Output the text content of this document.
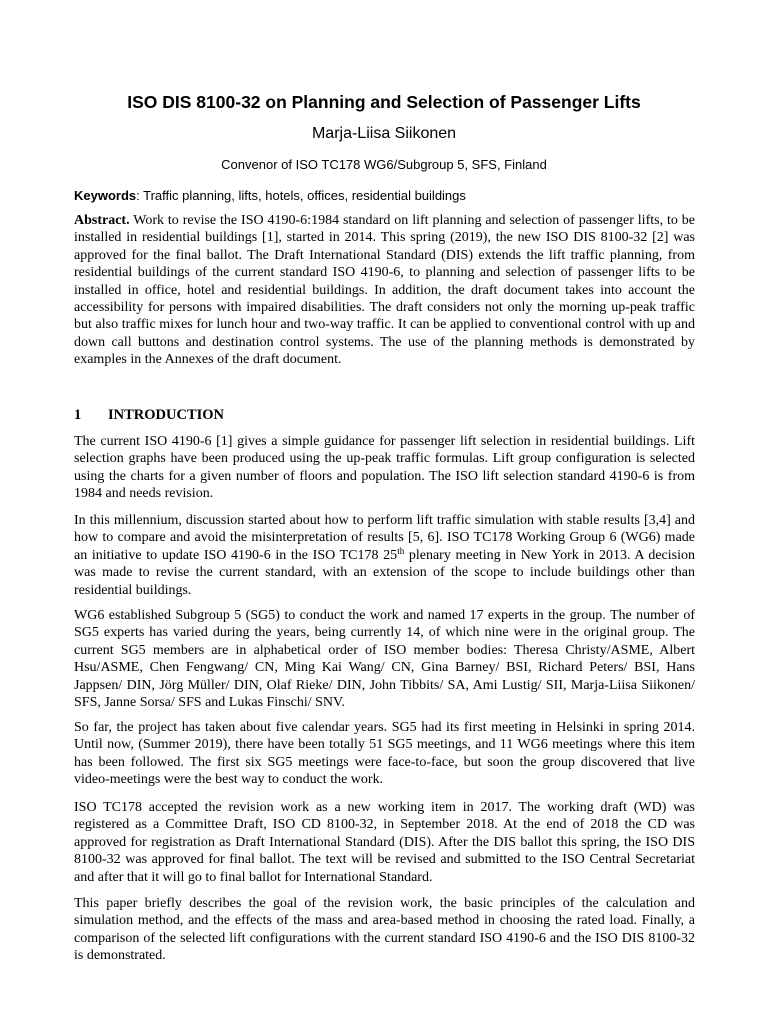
ISO DIS 8100-32 on Planning and Selection of Passenger Lifts
Marja-Liisa Siikonen
Convenor of ISO TC178 WG6/Subgroup 5, SFS, Finland
Keywords: Traffic planning, lifts, hotels, offices, residential buildings

Abstract. Work to revise the ISO 4190-6:1984 standard on lift planning and selection of passenger lifts, to be installed in residential buildings [1], started in 2014. This spring (2019), the new ISO DIS 8100-32 [2] was approved for the final ballot. The Draft International Standard (DIS) extends the lift traffic planning, from residential buildings of the current standard ISO 4190-6, to planning and selection of passenger lifts to be installed in office, hotel and residential buildings. In addition, the draft document takes into account the accessibility for persons with impaired disabilities. The draft considers not only the morning up-peak traffic but also traffic mixes for lunch hour and two-way traffic. It can be applied to conventional control with up and down call buttons and destination control systems. The use of the planning methods is demonstrated by examples in the Annexes of the draft document.

1 INTRODUCTION

The current ISO 4190-6 [1] gives a simple guidance for passenger lift selection in residential buildings. Lift selection graphs have been produced using the up-peak traffic formulas. Lift group configuration is selected using the charts for a given number of floors and population. The ISO lift selection standard 4190-6 is from 1984 and needs revision.

In this millennium, discussion started about how to perform lift traffic simulation with stable results [3,4] and how to compare and avoid the misinterpretation of results [5, 6]. ISO TC178 Working Group 6 (WG6) made an initiative to update ISO 4190-6 in the ISO TC178 25th plenary meeting in New York in 2013. A decision was made to revise the current standard, with an extension of the scope to include buildings other than residential buildings.

WG6 established Subgroup 5 (SG5) to conduct the work and named 17 experts in the group. The number of SG5 experts has varied during the years, being currently 14, of which nine were in the original group. The current SG5 members are in alphabetical order of ISO member bodies: Theresa Christy/ASME, Albert Hsu/ASME, Chen Fengwang/ CN, Ming Kai Wang/ CN, Gina Barney/ BSI, Richard Peters/ BSI, Hans Jappsen/ DIN, Jörg Müller/ DIN, Olaf Rieke/ DIN, John Tibbits/ SA, Ami Lustig/ SII, Marja-Liisa Siikonen/ SFS, Janne Sorsa/ SFS and Lukas Finschi/ SNV.

So far, the project has taken about five calendar years. SG5 had its first meeting in Helsinki in spring 2014. Until now, (Summer 2019), there have been totally 51 SG5 meetings, and 11 WG6 meetings where this item has been followed. The first six SG5 meetings were face-to-face, but soon the group discovered that live video-meetings were the best way to conduct the work.

ISO TC178 accepted the revision work as a new working item in 2017. The working draft (WD) was registered as a Committee Draft, ISO CD 8100-32, in September 2018. At the end of 2018 the CD was approved for registration as Draft International Standard (DIS). After the DIS ballot this spring, the ISO DIS 8100-32 was approved for final ballot. The text will be revised and submitted to the ISO Central Secretariat and after that it will go to final ballot for International Standard.

This paper briefly describes the goal of the revision work, the basic principles of the calculation and simulation method, and the effects of the mass and area-based method in choosing the rated load. Finally, a comparison of the selected lift configurations with the current standard ISO 4190-6 and the ISO DIS 8100-32 is demonstrated.
